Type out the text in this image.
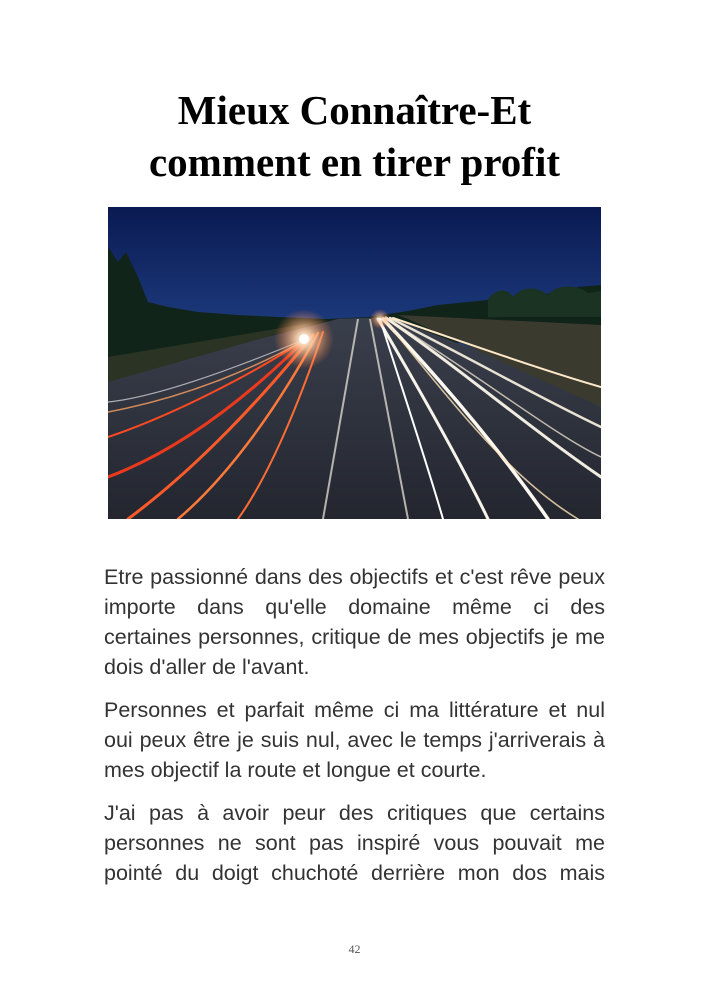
Mieux Connaître-Et
comment en tirer profit

Etre passionné dans des objectifs et c'est rêve peux importe dans qu'elle domaine même ci des certaines personnes, critique de mes objectifs je me dois d'aller de l'avant.

Personnes et parfait même ci ma littérature et nul oui peux être je suis nul, avec le temps j'arriverais à mes objectif la route et longue et courte.

J'ai pas à avoir peur des critiques que certains personnes ne sont pas inspiré vous pouvait me pointé du doigt chuchoté derrière mon dos mais

42
